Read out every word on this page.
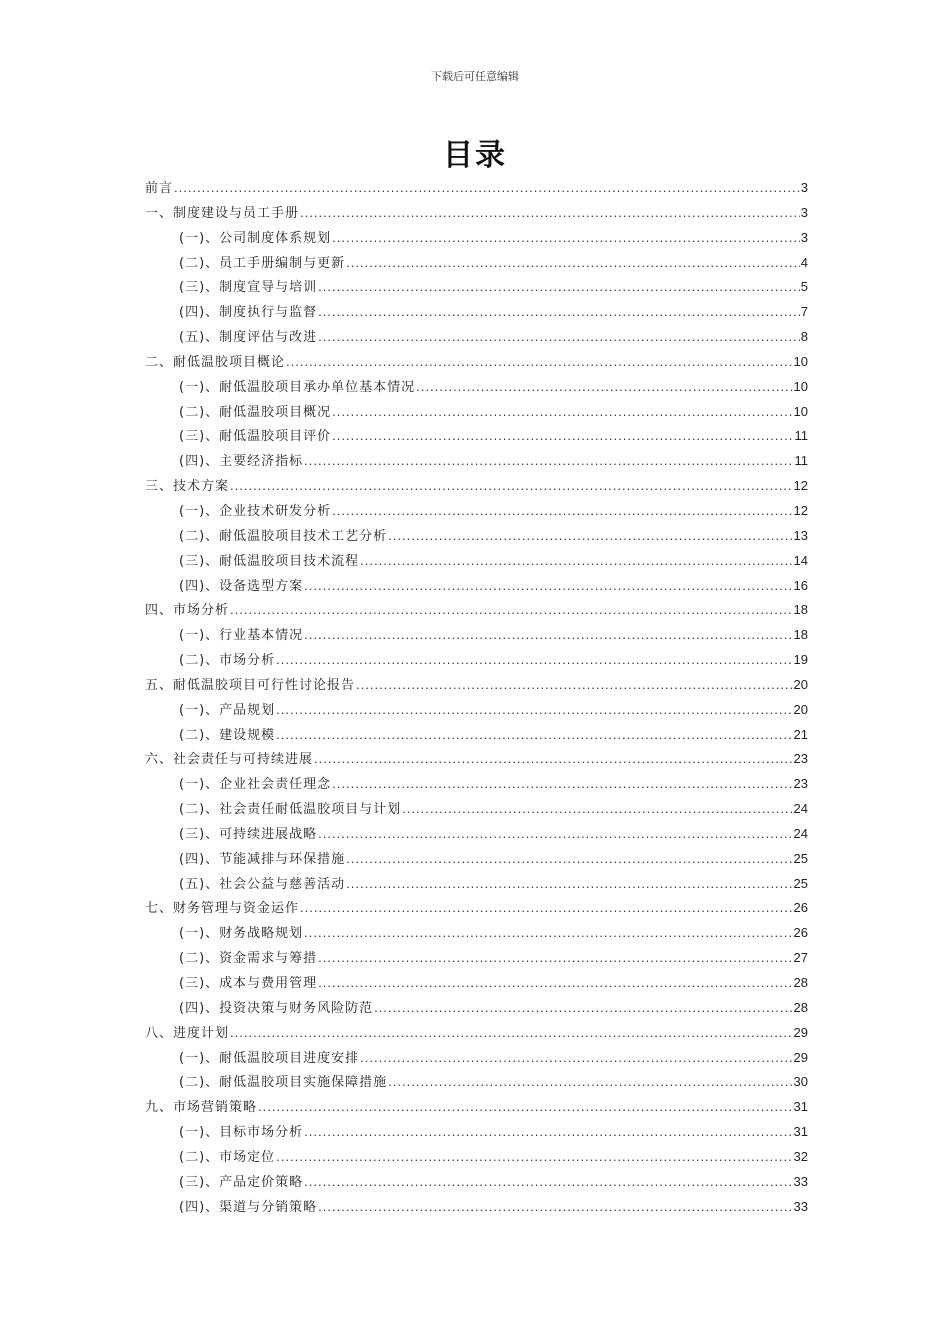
下载后可任意编辑
目录
前言 .....	3
一、制度建设与员工手册 .....	3
(一)、公司制度体系规划 .....	3
(二)、员工手册编制与更新 .....	4
(三)、制度宣导与培训 .....	5
(四)、制度执行与监督 .....	7
(五)、制度评估与改进 .....	8
二、耐低温胶项目概论 .....	10
(一)、耐低温胶项目承办单位基本情况 .....	10
(二)、耐低温胶项目概况 .....	10
(三)、耐低温胶项目评价 .....	11
(四)、主要经济指标 .....	11
三、技术方案 .....	12
(一)、企业技术研发分析 .....	12
(二)、耐低温胶项目技术工艺分析 .....	13
(三)、耐低温胶项目技术流程 .....	14
(四)、设备选型方案 .....	16
四、市场分析 .....	18
(一)、行业基本情况 .....	18
(二)、市场分析 .....	19
五、耐低温胶项目可行性讨论报告 .....	20
(一)、产品规划 .....	20
(二)、建设规模 .....	21
六、社会责任与可持续进展 .....	23
(一)、企业社会责任理念 .....	23
(二)、社会责任耐低温胶项目与计划 .....	24
(三)、可持续进展战略 .....	24
(四)、节能减排与环保措施 .....	25
(五)、社会公益与慈善活动 .....	25
七、财务管理与资金运作 .....	26
(一)、财务战略规划 .....	26
(二)、资金需求与筹措 .....	27
(三)、成本与费用管理 .....	28
(四)、投资决策与财务风险防范 .....	28
八、进度计划 .....	29
(一)、耐低温胶项目进度安排 .....	29
(二)、耐低温胶项目实施保障措施 .....	30
九、市场营销策略 .....	31
(一)、目标市场分析 .....	31
(二)、市场定位 .....	32
(三)、产品定价策略 .....	33
(四)、渠道与分销策略 .....	33
